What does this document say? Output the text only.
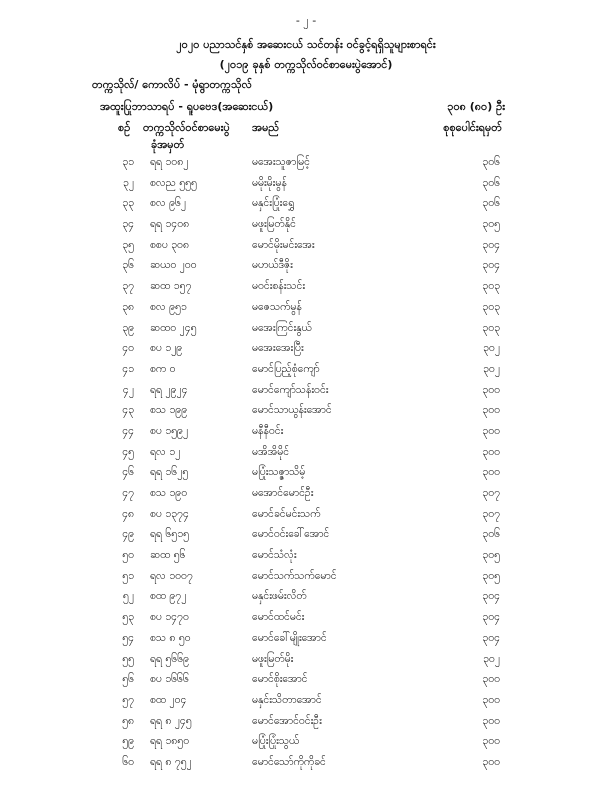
- ၂ -
၂၀၂၀ ပညာသင်နှစ် အဆေးငယ် သင်တန်း ဝင်ခွင့်ရရှိသူများစာရင်း
(၂၀၁၉ ခုနှစ် တက္ကသိုလ်ဝင်စာမေးပွဲအောင်)
တက္ကသိုလ်/ ကောလိပ် - မုံရွာတက္ကသိုလ်
အထူးပြုဘာသာရပ် - ရူပဗေဒ(အဆေးငယ်)	၃၀၈ (၈၀) ဦး
စဉ် တက္ကသိုလ်ဝင်စာမေးပွဲ
ခုံအမှတ်
အမည်	စုစုပေါင်းရမှတ်
၃၁ ရရ ၁၀၈၂	မအေးသူဇာမြင့်	၃၀၆
၃၂ စလည ၅၅၅	မမိုးမိုးမွန်	၃၀၆
၃၃ စလ ၉၆၂	မနှင်းပြုံးရွှေ	၃၀၆
၃၄ ရရ ၁၄၀၈	မဖူးမြတ်နိုင်	၃၀၅
၃၅ စစပ ၃၀၈	မောင်မိုးမင်းအေး	၃၀၄
၃၆ ဆယဝ ၂၀၀	မဟယ်ဒီဇိုး	၃၀၄
၃၇ ဆထ ၁၅၇	မဝင်းစန်းသင်း	၃၀၃
၃၈ စလ ၉၅၁	မဇေသက်မွန်	၃၀၃
၃၉ ဆထဝ ၂၄၅	မအေးကြင်းနွယ်	၃၀၃
၄၀ စပ ၁၂၉	မအေးအေးပြီး	၃၀၂
၄၁ စက ၀	မောင်ပြည့်စုံကျော်	၃၀၂
၄၂ ရရ ၂၉၂၄	မောင်ကျော်သန်းဝင်း	၃၀၀
၄၃ စသ ၁၉၉	မောင်သာယွန်းအောင်	၃၀၀
၄၄ စပ ၁၅၉၂	မနီနီဝင်း	၃၀၀
၄၅ ရလ ၁၂	မအိအိမိုင်	၃၀၀
၄၆ ရရ ၁၆၂၅	မပြုံးသဇ္ဇာသိမ့်	၃၀၀
၄၇ စသ ၁၉၀	မအောင်မောင်ဦး	၃၀၇
၄၈ စပ ၁၃၇၄	မောင်ခင်မင်းသက်	၃၀၇
၄၉ ရရ ၆၅၁၅	မောင်ဝင်းခေါ်အောင်	၃၀၆
၅၀ ဆထ ၅၆	မောင်သံလုံး	၃၀၅
၅၁ ရလ ၁၀၀၇	မောင်သက်သက်မောင်	၃၀၅
၅၂ စထ ၉၇၂	မနှင်းဖမ်းလိတ်	၃၀၄
၅၃ စပ ၁၄၇၀	မောင်ထင်မင်း	၃၀၄
၅၄ စသ ၈ ၅၀	မောင်ခေါ်မျိုးအောင်	၃၀၄
၅၅ ရရ ၅၆၆၉	မဖူးမြတ်မိုး	၃၀၂
၅၆ စပ ၁၆၆၆	မောင်စိုးအောင်	၃၀၀
၅၇ စထ ၂၀၄	မနှင်းသိတာအောင်	၃၀၀
၅၈ ရရ ၈ ၂၄၅	မောင်အောင်ဝင်းဦး	၃၀၀
၅၉ ရရ ၁၈၅၀	မပြုံးပြုံးသွယ်	၃၀၀
၆၀ ရရ ၈ ၇၅၂	မောင်သော်ကိုကိုခင်	၃၀၀
